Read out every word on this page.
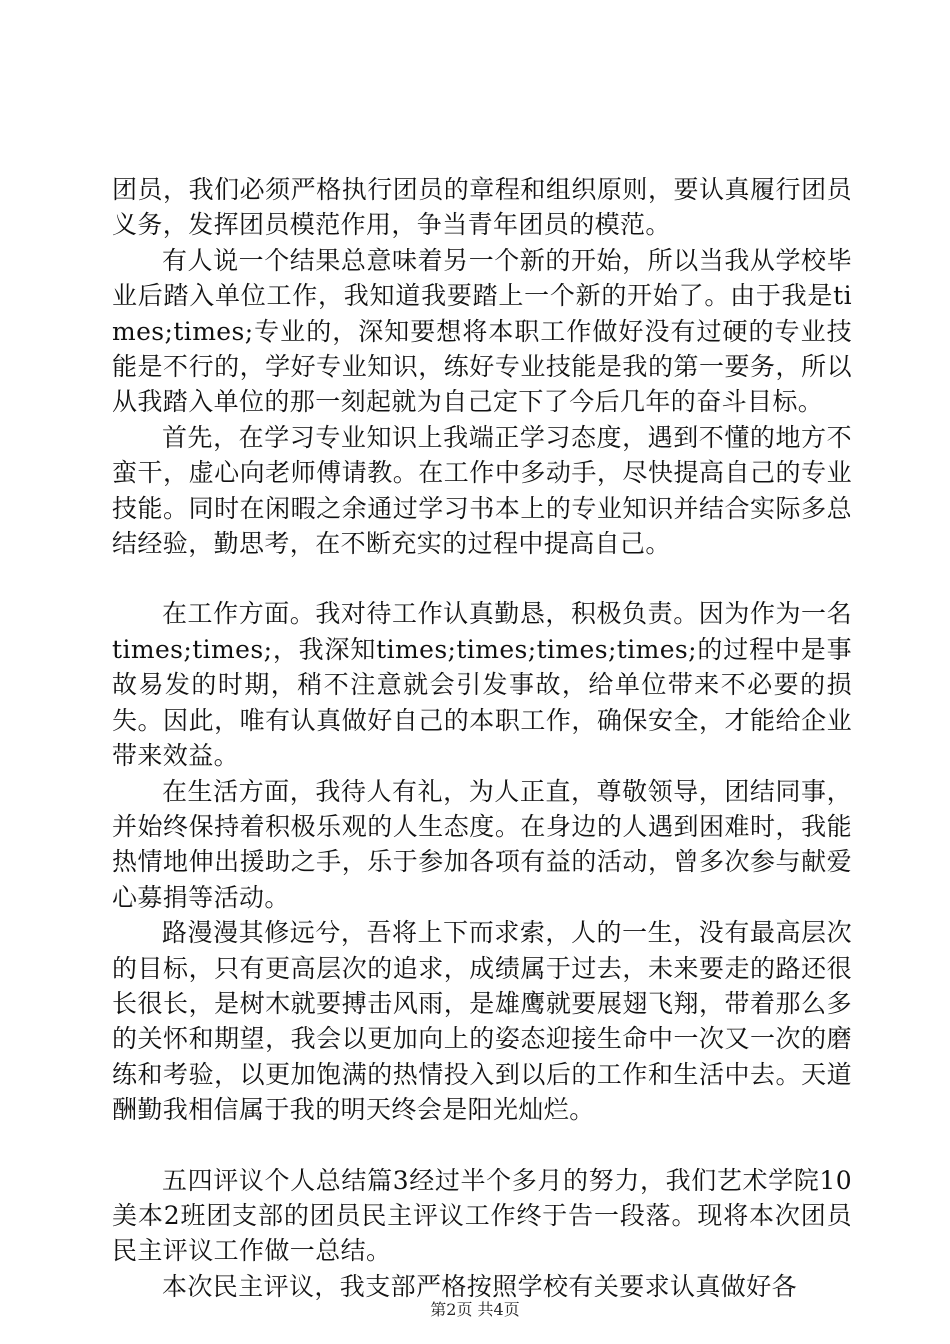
团员，我们必须严格执行团员的章程和组织原则，要认真履行团员义务，发挥团员模范作用，争当青年团员的模范。

有人说一个结果总意味着另一个新的开始，所以当我从学校毕业后踏入单位工作，我知道我要踏上一个新的开始了。由于我是times;times;专业的，深知要想将本职工作做好没有过硬的专业技能是不行的，学好专业知识，练好专业技能是我的第一要务，所以从我踏入单位的那一刻起就为自己定下了今后几年的奋斗目标。

首先，在学习专业知识上我端正学习态度，遇到不懂的地方不蛮干，虚心向老师傅请教。在工作中多动手，尽快提高自己的专业技能。同时在闲暇之余通过学习书本上的专业知识并结合实际多总结经验，勤思考，在不断充实的过程中提高自己。

在工作方面。我对待工作认真勤恳，积极负责。因为作为一名times;times;，我深知times;times;times;times;的过程中是事故易发的时期，稍不注意就会引发事故，给单位带来不必要的损失。因此，唯有认真做好自己的本职工作，确保安全，才能给企业带来效益。

在生活方面，我待人有礼，为人正直，尊敬领导，团结同事，并始终保持着积极乐观的人生态度。在身边的人遇到困难时，我能热情地伸出援助之手，乐于参加各项有益的活动，曾多次参与献爱心募捐等活动。

路漫漫其修远兮，吾将上下而求索，人的一生，没有最高层次的目标，只有更高层次的追求，成绩属于过去，未来要走的路还很长很长，是树木就要搏击风雨，是雄鹰就要展翅飞翔，带着那么多的关怀和期望，我会以更加向上的姿态迎接生命中一次又一次的磨练和考验，以更加饱满的热情投入到以后的工作和生活中去。天道酬勤我相信属于我的明天终会是阳光灿烂。

五四评议个人总结篇3经过半个多月的努力，我们艺术学院10美本2班团支部的团员民主评议工作终于告一段落。现将本次团员民主评议工作做一总结。

本次民主评议，我支部严格按照学校有关要求认真做好各

第2页 共4页
